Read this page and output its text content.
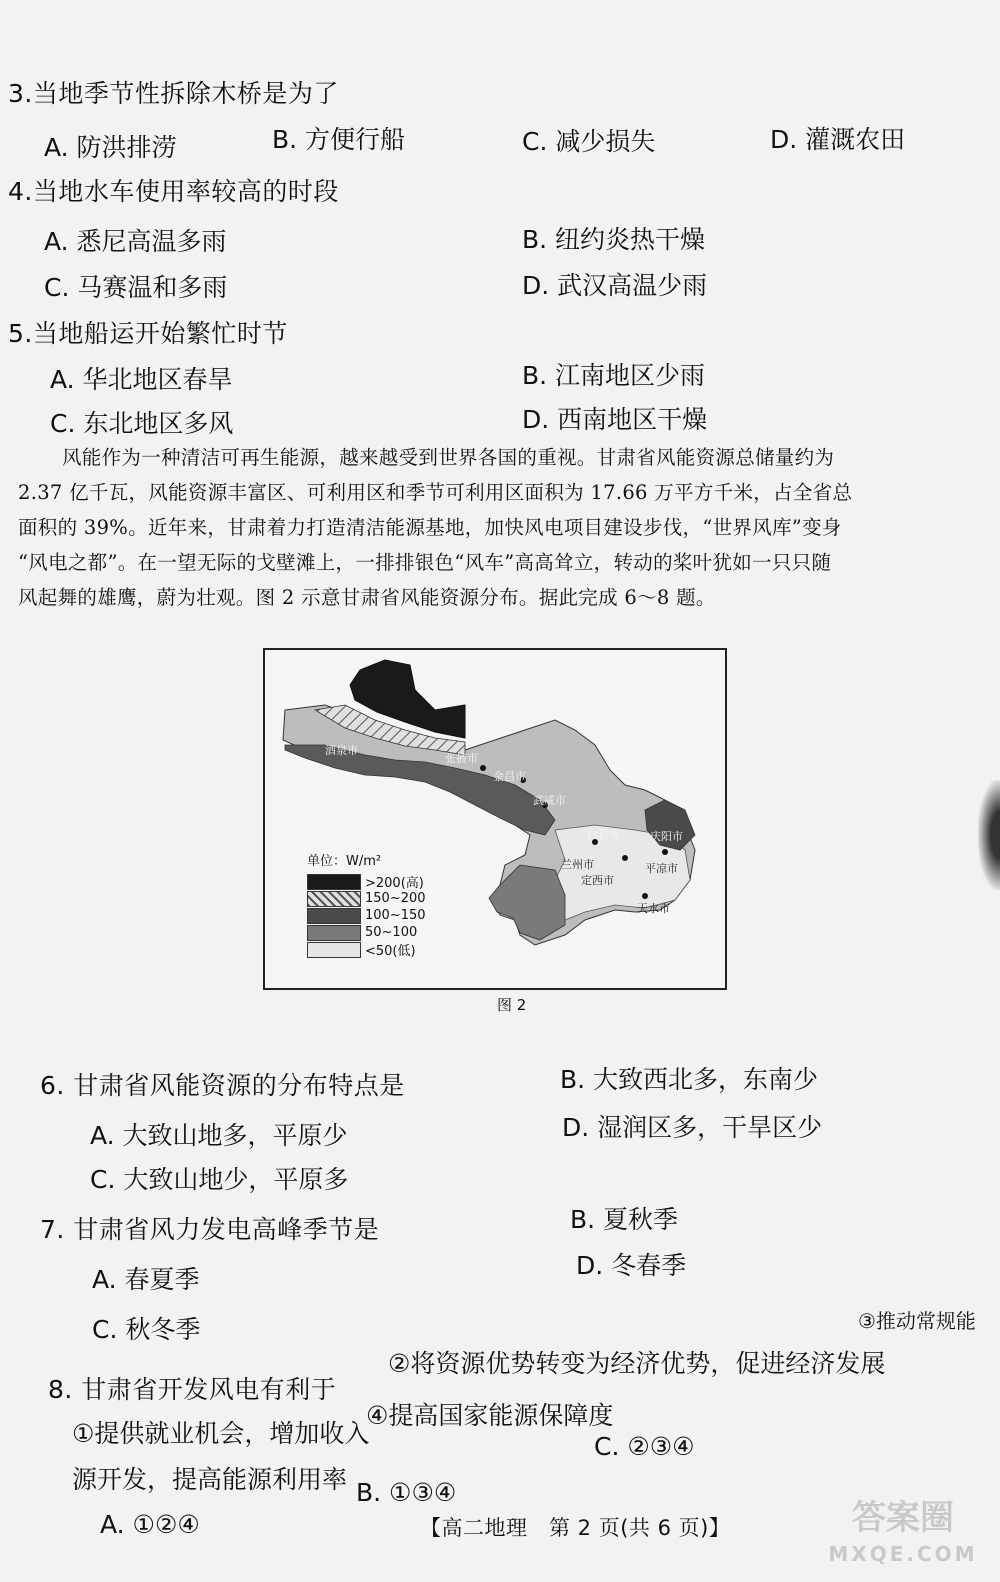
3.当地季节性拆除木桥是为了
A. 防洪排涝	B. 方便行船	C. 减少损失	D. 灌溉农田
4.当地水车使用率较高的时段
A. 悉尼高温多雨	B. 纽约炎热干燥
C. 马赛温和多雨	D. 武汉高温少雨
5.当地船运开始繁忙时节
A. 华北地区春旱	B. 江南地区少雨
C. 东北地区多风	D. 西南地区干燥
风能作为一种清洁可再生能源，越来越受到世界各国的重视。甘肃省风能资源总储量约为
2.37 亿千瓦，风能资源丰富区、可利用区和季节可利用区面积为 17.66 万平方千米，占全省总
面积的 39%。近年来，甘肃着力打造清洁能源基地，加快风电项目建设步伐，“世界风库”变身
“风电之都”。在一望无际的戈壁滩上，一排排银色“风车”高高耸立，转动的桨叶犹如一只只随
风起舞的雄鹰，蔚为壮观。图 2 示意甘肃省风能资源分布。据此完成 6～8 题。
酒泉市
张掖市
金昌市
武威市
白银市	庆阳市
兰州市
定西市
平凉市
天水市
单位：W/m²
>200(高)
150~200
100~150
50~100
<50(低)
图 2
6. 甘肃省风能资源的分布特点是
A. 大致山地多，平原少
B. 大致西北多，东南少
C. 大致山地少，平原多
D. 湿润区多，干旱区少
7. 甘肃省风力发电高峰季节是
A. 春夏季
B. 夏秋季
C. 秋冬季
D. 冬春季
8. 甘肃省开发风电有利于
②将资源优势转变为经济优势，促进经济发展
③推动常规能
①提供就业机会，增加收入
④提高国家能源保障度
源开发，提高能源利用率
A. ①②④
B. ①③④
C. ②③④
【高二地理　第 2 页(共 6 页)】	答案圈
MXQE.COM
